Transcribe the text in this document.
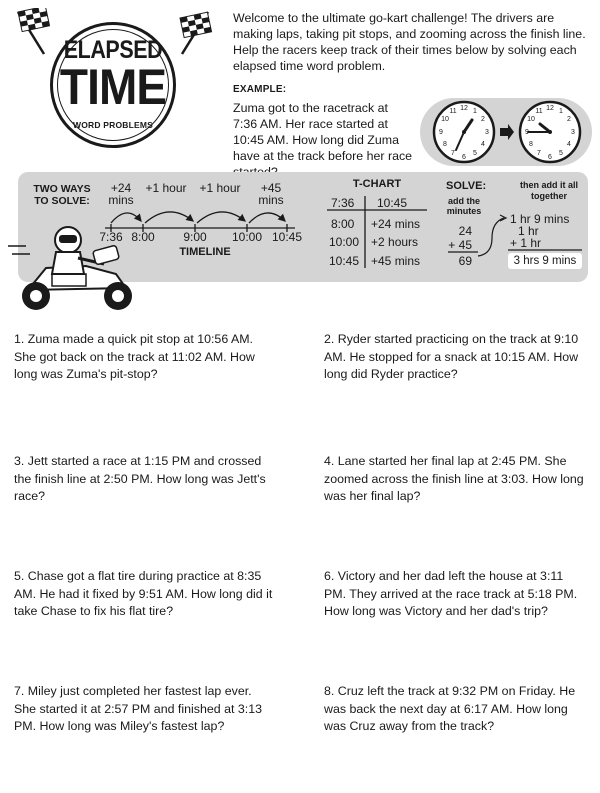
ELAPSED
TIME
WORD PROBLEMS
Welcome to the ultimate go-kart challenge! The drivers are making laps, taking pit stops, and zooming across the finish line. Help the racers keep track of their times below by solving each elapsed time word problem.
EXAMPLE:
Zuma got to the racetrack at 7:36 AM. Her race started at 10:45 AM. How long did Zuma have at the track before her race
12 1
2
3
4
5
6
7
8
9
10
11	12 1
2
3
4
5
6
7
8
9
10
11
TWO WAYS TO SOLVE:
+24 mins
+1 hour +1 hour	+45 mins
7:36 8:00	9:00	10:00 10:45
TIMELINE
T-CHART
7:36 10:45
8:00 +24 mins
10:00 +2 hours
10:45 +45 mins
SOLVE:
add the minutes
then add it all together
24
+ 45
69
1 hr 9 mins
1 hr
+ 1 hr
3 hrs 9 mins
1. Zuma made a quick pit stop at 10:56 AM. She got back on the track at 11:02 AM. How long was Zuma's pit-stop?
2. Ryder started practicing on the track at 9:10 AM. He stopped for a snack at 10:15 AM. How long did Ryder practice?
3. Jett started a race at 1:15 PM and crossed the finish line at 2:50 PM. How long was Jett's race?
4. Lane started her final lap at 2:45 PM. She zoomed across the finish line at 3:03. How long was her final lap?
5. Chase got a flat tire during practice at 8:35 AM. He had it fixed by 9:51 AM. How long did it take Chase to fix his flat tire?
6. Victory and her dad left the house at 3:11 PM. They arrived at the race track at 5:18 PM. How long was Victory and her dad's trip?
7. Miley just completed her fastest lap ever. She started it at 2:57 PM and finished at 3:13 PM. How long was Miley's fastest lap?
8. Cruz left the track at 9:32 PM on Friday. He was back the next day at 6:17 AM. How long was Cruz away from the track?
